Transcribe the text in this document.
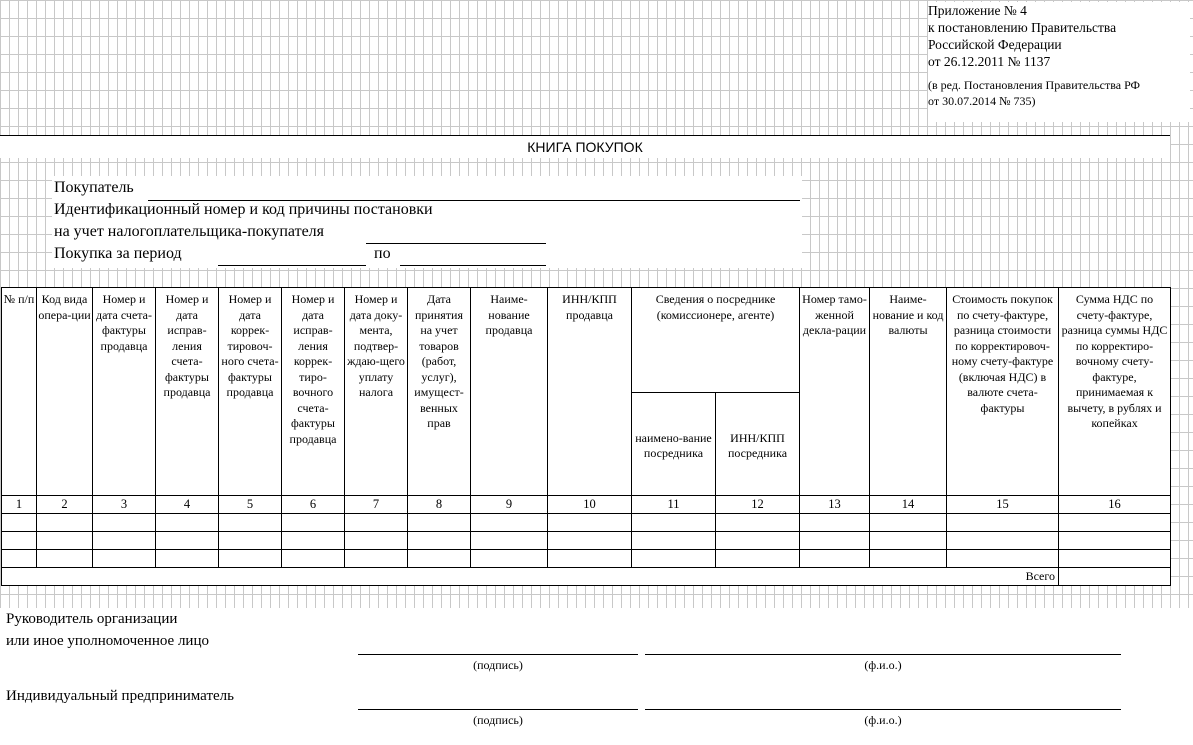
Приложение № 4
к постановлению Правительства
Российской Федерации
от 26.12.2011 № 1137
(в ред. Постановления Правительства РФ
от 30.07.2014 № 735)
КНИГА ПОКУПОК
Покупатель
Идентификационный номер и код причины постановки
на учет налогоплательщика-покупателя
Покупка за период	по
№ п/п	Код вида опера-ции	Номер и дата счета-фактуры продавца	Номер и дата исправ-ления счета-фактуры продавца	Номер и дата коррек-тировоч-ного счета-фактуры продавца	Номер и дата исправ-ления коррек-тиро-вочного счета-фактуры продавца	Номер и дата доку-мента, подтвер-ждаю-щего уплату налога	Дата принятия на учет товаров (работ, услуг), имущест-венных прав	Наиме-нование продавца	ИНН/КПП продавца	Сведения о посреднике (комиссионере, агенте)		Номер тамо-женной декла-рации	Наиме-нование и код валюты	Стоимость покупок по счету-фактуре, разница стоимости по корректировоч-ному счету-фактуре (включая НДС) в валюте счета-фактуры	Сумма НДС по счету-фактуре, разница суммы НДС по корректиро-вочному счету-фактуре, принимаемая к вычету, в рублях и копейках
										наимено-вание посредника	ИНН/КПП посредника				
1	2	3	4	5	6	7	8	9	10	11	12	13	14	15	16

Всего															
Руководитель организации
или иное уполномоченное лицо
(подпись)	(ф.и.о.)
Индивидуальный предприниматель
(подпись)	(ф.и.о.)
